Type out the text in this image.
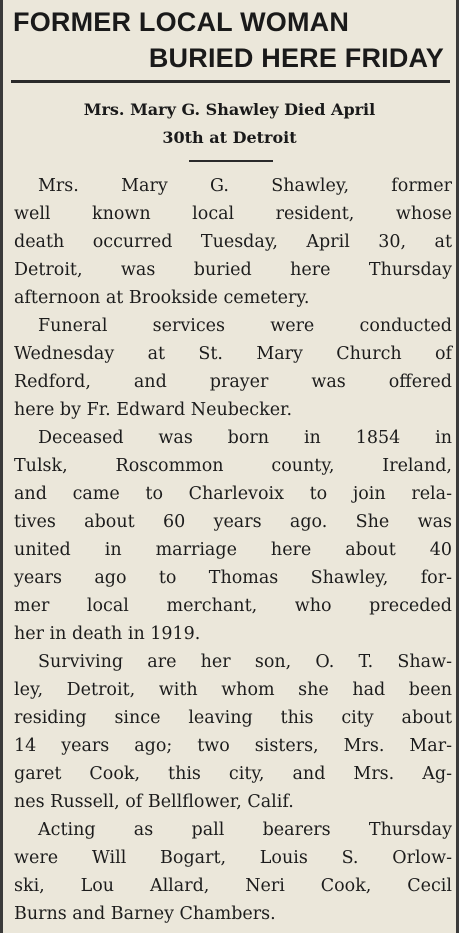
FORMER LOCAL WOMAN
BURIED HERE FRIDAY
Mrs. Mary G. Shawley Died April
30th at Detroit
Mrs. Mary G. Shawley, former
well known local resident, whose
death occurred Tuesday, April 30, at
Detroit, was buried here Thursday
afternoon at Brookside cemetery.
Funeral services were conducted
Wednesday at St. Mary Church of
Redford, and prayer was offered
here by Fr. Edward Neubecker.
Deceased was born in 1854 in
Tulsk, Roscommon county, Ireland,
and came to Charlevoix to join rela-
tives about 60 years ago. She was
united in marriage here about 40
years ago to Thomas Shawley, for-
mer local merchant, who preceded
her in death in 1919.
Surviving are her son, O. T. Shaw-
ley, Detroit, with whom she had been
residing since leaving this city about
14 years ago; two sisters, Mrs. Mar-
garet Cook, this city, and Mrs. Ag-
nes Russell, of Bellflower, Calif.
Acting as pall bearers Thursday
were Will Bogart, Louis S. Orlow-
ski, Lou Allard, Neri Cook, Cecil
Burns and Barney Chambers.
